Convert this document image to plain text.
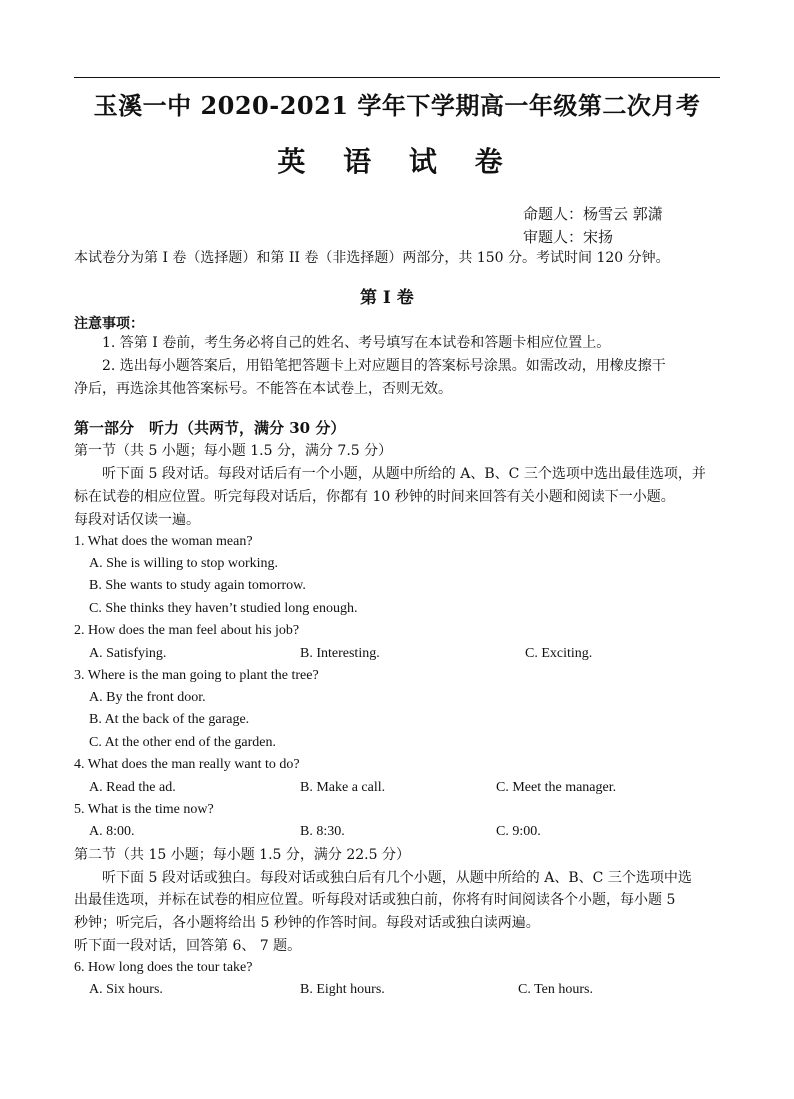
玉溪一中 2020-2021 学年下学期高一年级第二次月考
英 语 试 卷
命题人：杨雪云 郭潇
审题人：宋扬
本试卷分为第 I 卷（选择题）和第 II 卷（非选择题）两部分，共 150 分。考试时间 120 分钟。
第 Ⅰ 卷
注意事项：
1. 答第 I 卷前，考生务必将自己的姓名、考号填写在本试卷和答题卡相应位置上。
2. 选出每小题答案后，用铅笔把答题卡上对应题目的答案标号涂黑。如需改动，用橡皮擦干
净后，再选涂其他答案标号。不能答在本试卷上，否则无效。
第一部分　听力（共两节，满分 30 分）
第一节（共 5 小题；每小题 1.5 分，满分 7.5 分）
听下面 5 段对话。每段对话后有一个小题，从题中所给的 A、B、C 三个选项中选出最佳选项，并
标在试卷的相应位置。听完每段对话后，你都有 10 秒钟的时间来回答有关小题和阅读下一小题。
每段对话仅读一遍。
1. What does the woman mean?
A. She is willing to stop working.
B. She wants to study again tomorrow.
C. She thinks they haven’t studied long enough.
2. How does the man feel about his job?
A. Satisfying.	B. Interesting.	C. Exciting.
3. Where is the man going to plant the tree?
A. By the front door.
B. At the back of the garage.
C. At the other end of the garden.
4. What does the man really want to do?
A. Read the ad.	B. Make a call.	C. Meet the manager.
5. What is the time now?
A. 8:00.	B. 8:30.	C. 9:00.
第二节（共 15 小题；每小题 1.5 分，满分 22.5 分）
听下面 5 段对话或独白。每段对话或独白后有几个小题，从题中所给的 A、B、C 三个选项中选
出最佳选项，并标在试卷的相应位置。听每段对话或独白前，你将有时间阅读各个小题，每小题 5
秒钟；听完后，各小题将给出 5 秒钟的作答时间。每段对话或独白读两遍。
听下面一段对话，回答第 6、 7 题。
6. How long does the tour take?
A. Six hours.	B. Eight hours.	C. Ten hours.
